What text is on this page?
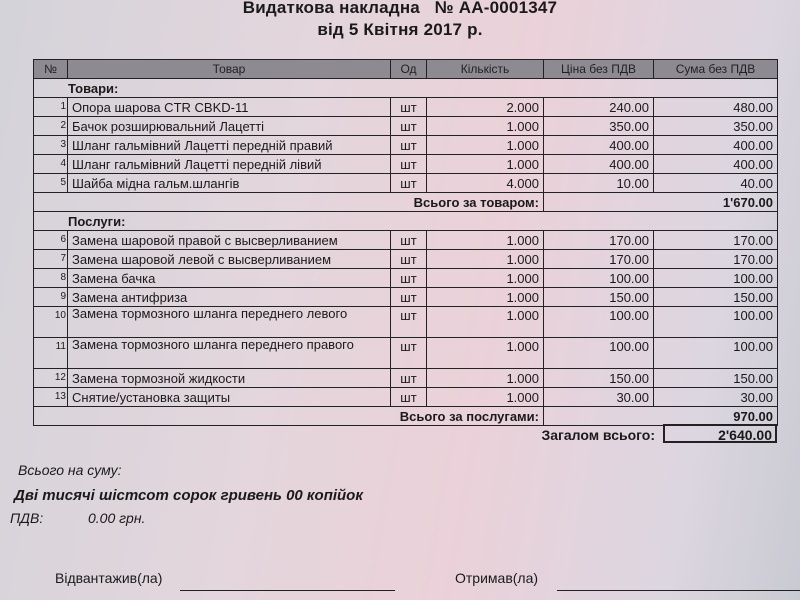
Видаткова накладна № АА-0001347
від 5 Квітня 2017 р.
№	Товар	Од	Кількість	Ціна без ПДВ	Сума без ПДВ
Товари:					
1	Опора шарова CTR CBKD-11	шт	2.000	240.00	480.00
2	Бачок розширювальний Лацетті	шт	1.000	350.00	350.00
3	Шланг гальмівний Лацетті передній правий	шт	1.000	400.00	400.00
4	Шланг гальмівний Лацетті передній лівий	шт	1.000	400.00	400.00
5	Шайба мідна гальм.шлангів	шт	4.000	10.00	40.00
Всього за товаром:				1'670.00	
Послуги:					
6	Замена шаровой правой с высверливанием	шт	1.000	170.00	170.00
7	Замена шаровой левой с высверливанием	шт	1.000	170.00	170.00
8	Замена бачка	шт	1.000	100.00	100.00
9	Замена антифриза	шт	1.000	150.00	150.00
10	Замена тормозного шланга переднего левого	шт	1.000	100.00	100.00
11	Замена тормозного шланга переднего правого	шт	1.000	100.00	100.00
12	Замена тормозной жидкости	шт	1.000	150.00	150.00
13	Снятие/установка защиты	шт	1.000	30.00	30.00
Всього за послугами:				970.00	
Загалом всього:	2'640.00
Всього на суму:
Дві тисячі шістсот сорок гривень 00 копійок
ПДВ:	0.00 грн.
Відвантажив(ла)	Отримав(ла)
